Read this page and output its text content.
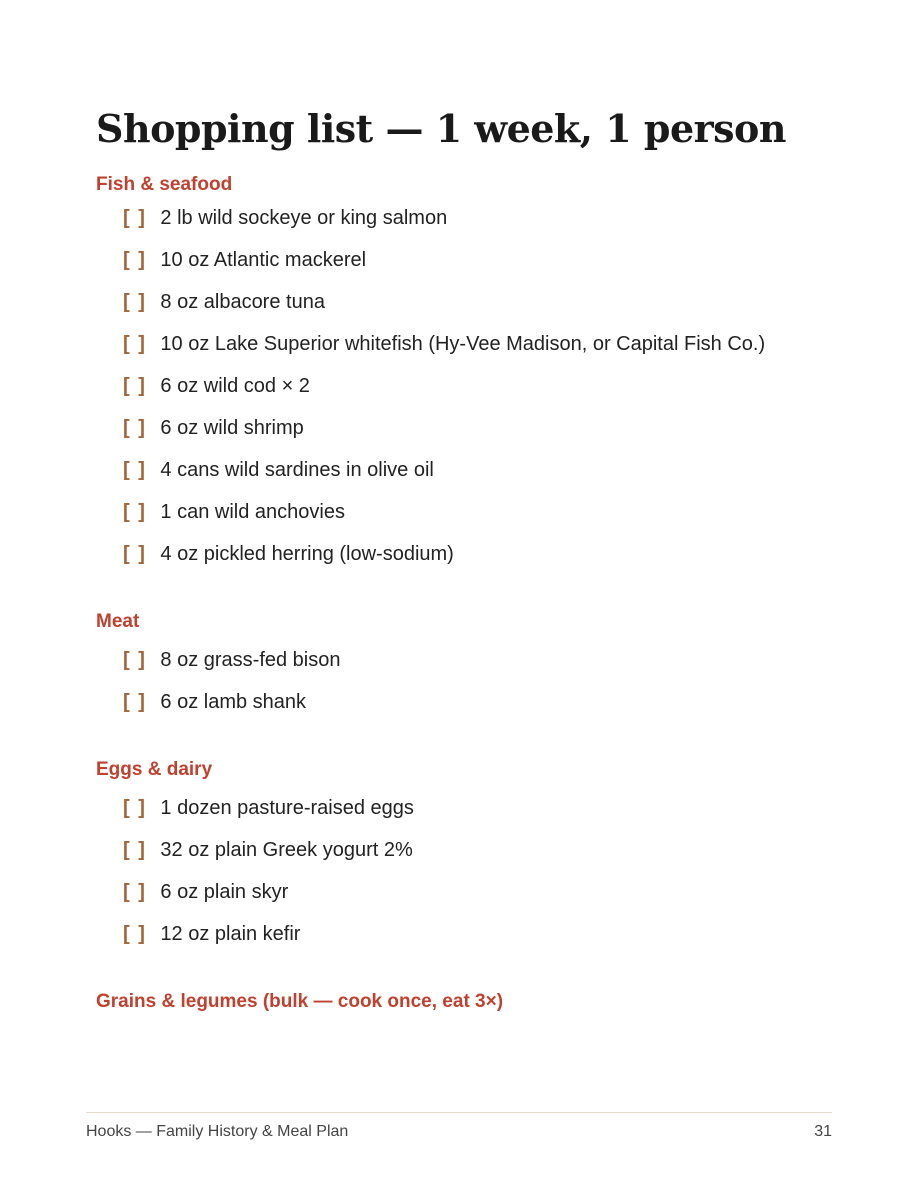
Shopping list — 1 week, 1 person
Fish & seafood
[ ] 2 lb wild sockeye or king salmon
[ ] 10 oz Atlantic mackerel
[ ] 8 oz albacore tuna
[ ] 10 oz Lake Superior whitefish (Hy-Vee Madison, or Capital Fish Co.)
[ ] 6 oz wild cod × 2
[ ] 6 oz wild shrimp
[ ] 4 cans wild sardines in olive oil
[ ] 1 can wild anchovies
[ ] 4 oz pickled herring (low-sodium)
Meat
[ ] 8 oz grass-fed bison
[ ] 6 oz lamb shank
Eggs & dairy
[ ] 1 dozen pasture-raised eggs
[ ] 32 oz plain Greek yogurt 2%
[ ] 6 oz plain skyr
[ ] 12 oz plain kefir
Grains & legumes (bulk — cook once, eat 3×)
Hooks — Family History & Meal Plan	31
